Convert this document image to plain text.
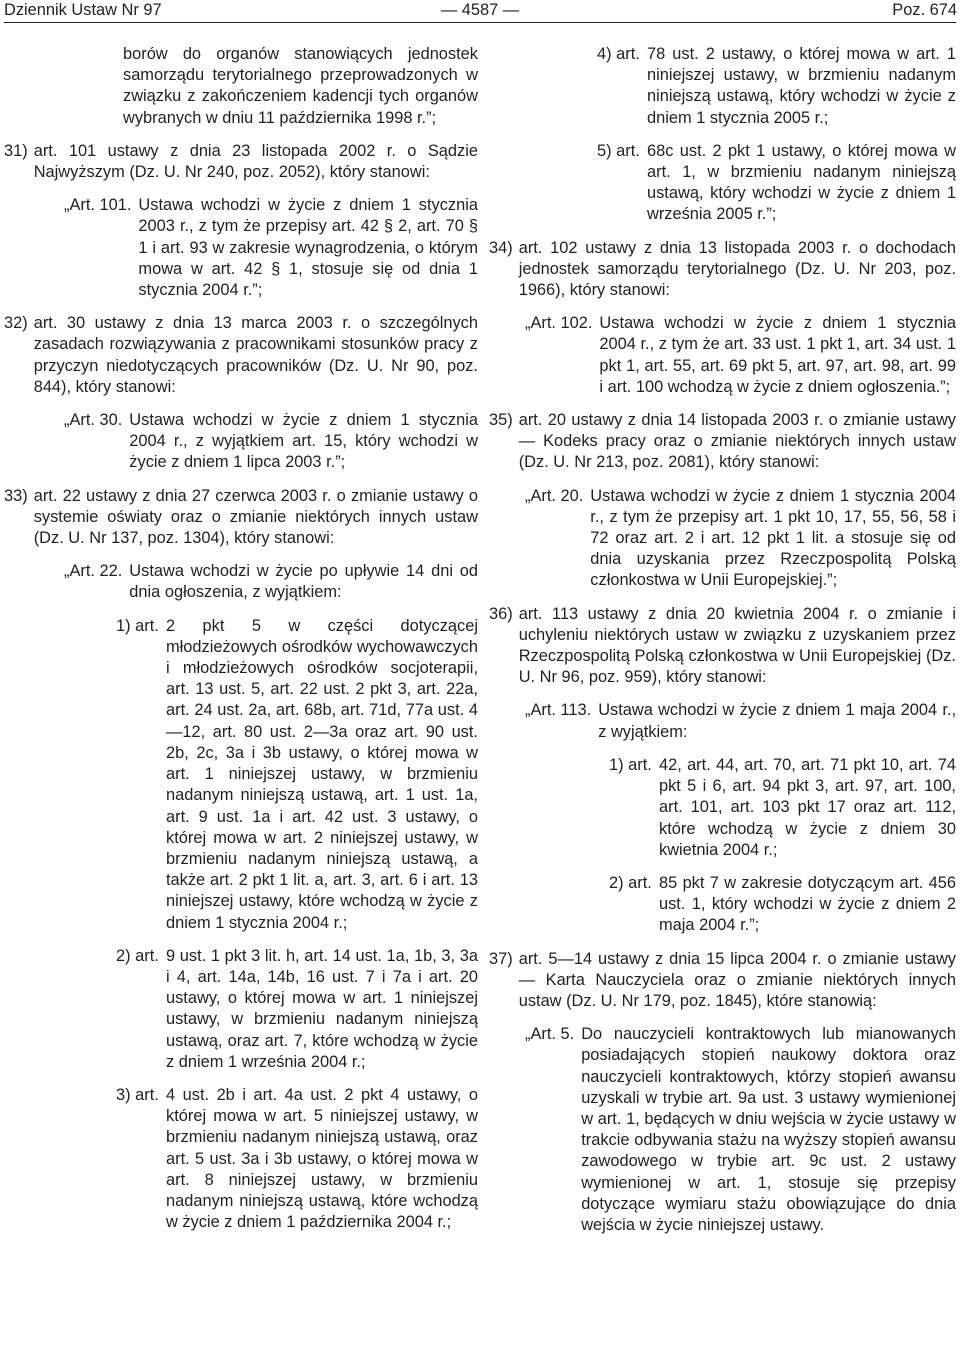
Dziennik Ustaw Nr 97	— 4587 —	Poz. 674

borów do organów stanowiących jednostek samorządu terytorialnego przeprowadzonych w związku z zakończeniem kadencji tych organów wybranych w dniu 11 października 1998 r.”;

31) art. 101 ustawy z dnia 23 listopada 2002 r. o Sądzie Najwyższym (Dz. U. Nr 240, poz. 2052), który stanowi:

„Art. 101. Ustawa wchodzi w życie z dniem 1 stycznia 2003 r., z tym że przepisy art. 42 § 2, art. 70 § 1 i art. 93 w zakresie wynagrodzenia, o którym mowa w art. 42 § 1, stosuje się od dnia 1 stycznia 2004 r.”;
32) art. 30 ustawy z dnia 13 marca 2003 r. o szczególnych zasadach rozwiązywania z pracownikami stosunków pracy z przyczyn niedotyczących pracowników (Dz. U. Nr 90, poz. 844), który stanowi:

„Art. 30. Ustawa wchodzi w życie z dniem 1 stycznia 2004 r., z wyjątkiem art. 15, który wchodzi w życie z dniem 1 lipca 2003 r.”;
33) art. 22 ustawy z dnia 27 czerwca 2003 r. o zmianie ustawy o systemie oświaty oraz o zmianie niektórych innych ustaw (Dz. U. Nr 137, poz. 1304), który stanowi:

„Art. 22. Ustawa wchodzi w życie po upływie 14 dni od dnia ogłoszenia, z wyjątkiem:
1) art. 2 pkt 5 w części dotyczącej młodzieżowych ośrodków wychowawczych i młodzieżowych ośrodków socjoterapii, art. 13 ust. 5, art. 22 ust. 2 pkt 3, art. 22a, art. 24 ust. 2a, art. 68b, art. 71d, 77a ust. 4—12, art. 80 ust. 2—3a oraz art. 90 ust. 2b, 2c, 3a i 3b ustawy, o której mowa w art. 1 niniejszej ustawy, w brzmieniu nadanym niniejszą ustawą, art. 1 ust. 1a, art. 9 ust. 1a i art. 42 ust. 3 ustawy, o której mowa w art. 2 niniejszej ustawy, w brzmieniu nadanym niniejszą ustawą, a także art. 2 pkt 1 lit. a, art. 3, art. 6 i art. 13 niniejszej ustawy, które wchodzą w życie z dniem 1 stycznia 2004 r.;
2) art. 9 ust. 1 pkt 3 lit. h, art. 14 ust. 1a, 1b, 3, 3a i 4, art. 14a, 14b, 16 ust. 7 i 7a i art. 20 ustawy, o której mowa w art. 1 niniejszej ustawy, w brzmieniu nadanym niniejszą ustawą, oraz art. 7, które wchodzą w życie z dniem 1 września 2004 r.;
3) art. 4 ust. 2b i art. 4a ust. 2 pkt 4 ustawy, o której mowa w art. 5 niniejszej ustawy, w brzmieniu nadanym niniejszą ustawą, oraz art. 5 ust. 3a i 3b ustawy, o której mowa w art. 8 niniejszej ustawy, w brzmieniu nadanym niniejszą ustawą, które wchodzą w życie z dniem 1 października 2004 r.;
4) art. 78 ust. 2 ustawy, o której mowa w art. 1 niniejszej ustawy, w brzmieniu nadanym niniejszą ustawą, który wchodzi w życie z dniem 1 stycznia 2005 r.;
5) art. 68c ust. 2 pkt 1 ustawy, o której mowa w art. 1, w brzmieniu nadanym niniejszą ustawą, który wchodzi w życie z dniem 1 września 2005 r.”;
34) art. 102 ustawy z dnia 13 listopada 2003 r. o dochodach jednostek samorządu terytorialnego (Dz. U. Nr 203, poz. 1966), który stanowi:

„Art. 102. Ustawa wchodzi w życie z dniem 1 stycznia 2004 r., z tym że art. 33 ust. 1 pkt 1, art. 34 ust. 1 pkt 1, art. 55, art. 69 pkt 5, art. 97, art. 98, art. 99 i art. 100 wchodzą w życie z dniem ogłoszenia.”;
35) art. 20 ustawy z dnia 14 listopada 2003 r. o zmianie ustawy — Kodeks pracy oraz o zmianie niektórych innych ustaw (Dz. U. Nr 213, poz. 2081), który stanowi:

„Art. 20. Ustawa wchodzi w życie z dniem 1 stycznia 2004 r., z tym że przepisy art. 1 pkt 10, 17, 55, 56, 58 i 72 oraz art. 2 i art. 12 pkt 1 lit. a stosuje się od dnia uzyskania przez Rzeczpospolitą Polską członkostwa w Unii Europejskiej.”;
36) art. 113 ustawy z dnia 20 kwietnia 2004 r. o zmianie i uchyleniu niektórych ustaw w związku z uzyskaniem przez Rzeczpospolitą Polską członkostwa w Unii Europejskiej (Dz. U. Nr 96, poz. 959), który stanowi:

„Art. 113. Ustawa wchodzi w życie z dniem 1 maja 2004 r., z wyjątkiem:
1) art. 42, art. 44, art. 70, art. 71 pkt 10, art. 74 pkt 5 i 6, art. 94 pkt 3, art. 97, art. 100, art. 101, art. 103 pkt 17 oraz art. 112, które wchodzą w życie z dniem 30 kwietnia 2004 r.;
2) art. 85 pkt 7 w zakresie dotyczącym art. 456 ust. 1, który wchodzi w życie z dniem 2 maja 2004 r.”;
37) art. 5—14 ustawy z dnia 15 lipca 2004 r. o zmianie ustawy — Karta Nauczyciela oraz o zmianie niektórych innych ustaw (Dz. U. Nr 179, poz. 1845), które stanowią:

„Art. 5. Do nauczycieli kontraktowych lub mianowanych posiadających stopień naukowy doktora oraz nauczycieli kontraktowych, którzy stopień awansu uzyskali w trybie art. 9a ust. 3 ustawy wymienionej w art. 1, będących w dniu wejścia w życie ustawy w trakcie odbywania stażu na wyższy stopień awansu zawodowego w trybie art. 9c ust. 2 ustawy wymienionej w art. 1, stosuje się przepisy dotyczące wymiaru stażu obowiązujące do dnia wejścia w życie niniejszej ustawy.
